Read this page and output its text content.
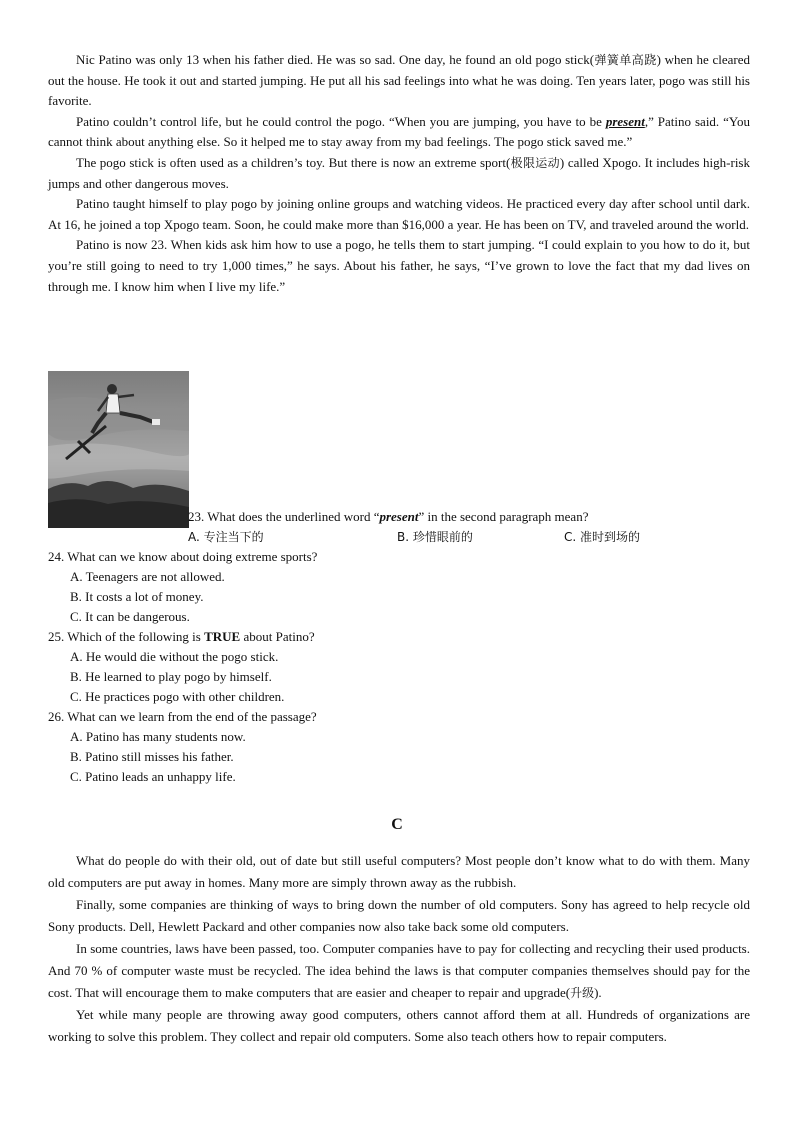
Nic Patino was only 13 when his father died. He was so sad. One day, he found an old pogo stick(弹簧单高跷) when he cleared out the house. He took it out and started jumping. He put all his sad feelings into what he was doing. Ten years later, pogo was still his favorite.

Patino couldn’t control life, but he could control the pogo. “When you are jumping, you have to be present,” Patino said. “You cannot think about anything else. So it helped me to stay away from my bad feelings. The pogo stick saved me.”

The pogo stick is often used as a children’s toy. But there is now an extreme sport(极限运动) called Xpogo. It includes high-risk jumps and other dangerous moves.

Patino taught himself to play pogo by joining online groups and watching videos. He practiced every day after school until dark. At 16, he joined a top Xpogo team. Soon, he could make more than $16,000 a year. He has been on TV, and traveled around the world.

Patino is now 23. When kids ask him how to use a pogo, he tells them to start jumping. “I could explain to you how to do it, but you’re still going to need to try 1,000 times,” he says. About his father, he says, “I’ve grown to love the fact that my dad lives on through me. I know him when I live my life.”

23. What does the underlined word “present” in the second paragraph mean?
A. 专注当下的	B. 珍惜眼前的	C. 准时到场的

24. What can we know about doing extreme sports?

A. Teenagers are not allowed.

B. It costs a lot of money.

C. It can be dangerous.

25. Which of the following is TRUE about Patino?

A. He would die without the pogo stick.

B. He learned to play pogo by himself.

C. He practices pogo with other children.

26. What can we learn from the end of the passage?

A. Patino has many students now.

B. Patino still misses his father.

C. Patino leads an unhappy life.

C

What do people do with their old, out of date but still useful computers? Most people don’t know what to do with them. Many old computers are put away in homes. Many more are simply thrown away as the rubbish.

Finally, some companies are thinking of ways to bring down the number of old computers. Sony has agreed to help recycle old Sony products. Dell, Hewlett Packard and other companies now also take back some old computers.

In some countries, laws have been passed, too. Computer companies have to pay for collecting and recycling their used products. And 70 % of computer waste must be recycled. The idea behind the laws is that computer companies themselves should pay for the cost. That will encourage them to make computers that are easier and cheaper to repair and upgrade(升级).

Yet while many people are throwing away good computers, others cannot afford them at all. Hundreds of organizations are working to solve this problem. They collect and repair old computers. Some also teach others how to repair computers.
